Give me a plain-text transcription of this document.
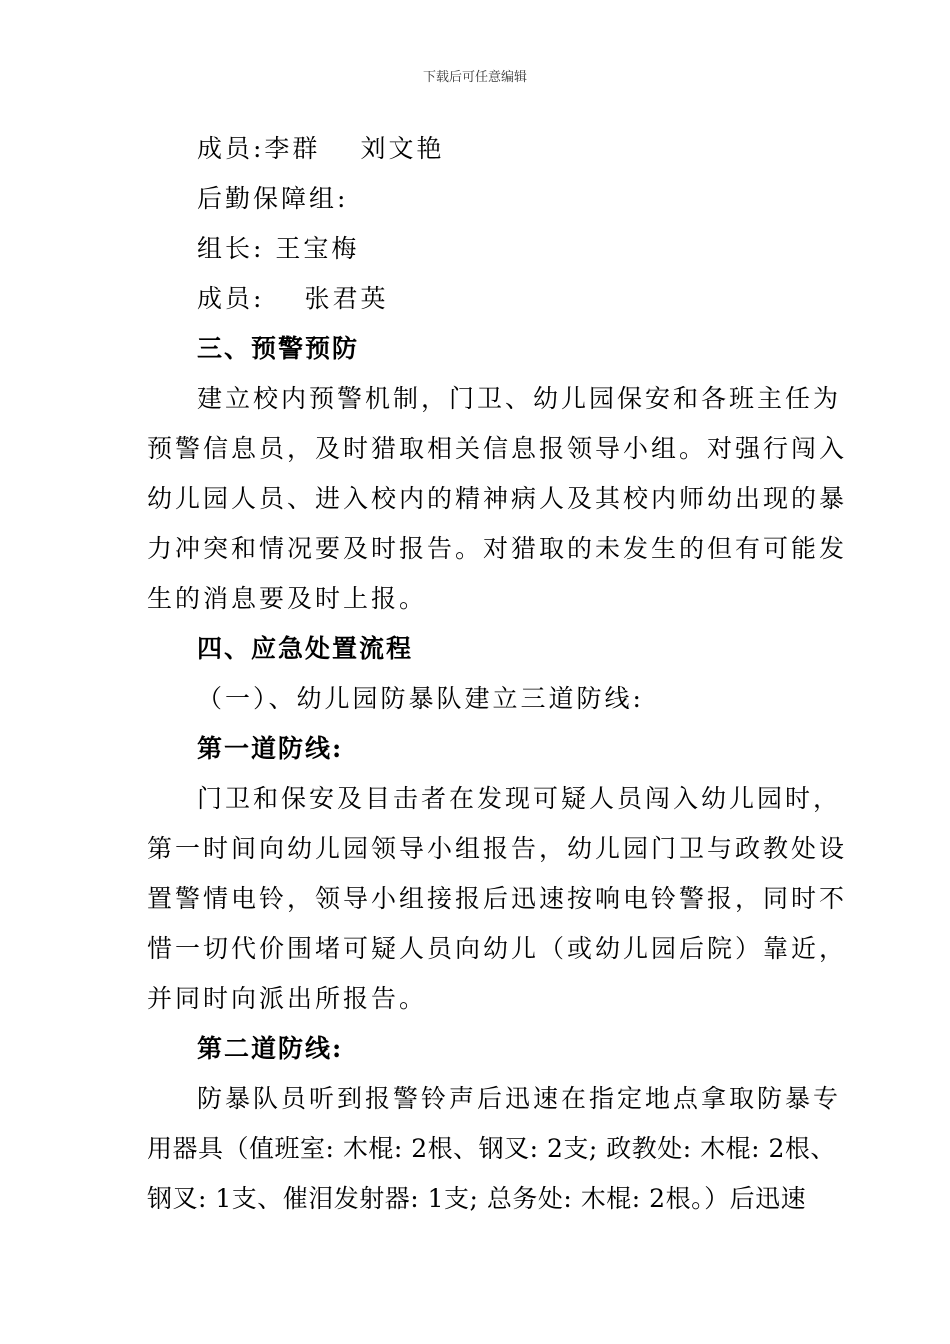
下载后可任意编辑
成员:李群 刘文艳
后勤保障组:
组长: 王宝梅
成员: 张君英
三、预警预防
建立校内预警机制，门卫、幼儿园保安和各班主任为
预警信息员，及时猎取相关信息报领导小组。对强行闯入
幼儿园人员、进入校内的精神病人及其校内师幼出现的暴
力冲突和情况要及时报告。对猎取的未发生的但有可能发
生的消息要及时上报。
四、应急处置流程
（一）、幼儿园防暴队建立三道防线:
第一道防线:
门卫和保安及目击者在发现可疑人员闯入幼儿园时，
第一时间向幼儿园领导小组报告，幼儿园门卫与政教处设
置警情电铃，领导小组接报后迅速按响电铃警报，同时不
惜一切代价围堵可疑人员向幼儿（或幼儿园后院）靠近，
并同时向派出所报告。
第二道防线:
防暴队员听到报警铃声后迅速在指定地点拿取防暴专
用器具（值班室: 木棍: 2根、钢叉: 2支; 政教处: 木棍: 2根、
钢叉: 1支、催泪发射器: 1支; 总务处: 木棍: 2根。）后迅速
